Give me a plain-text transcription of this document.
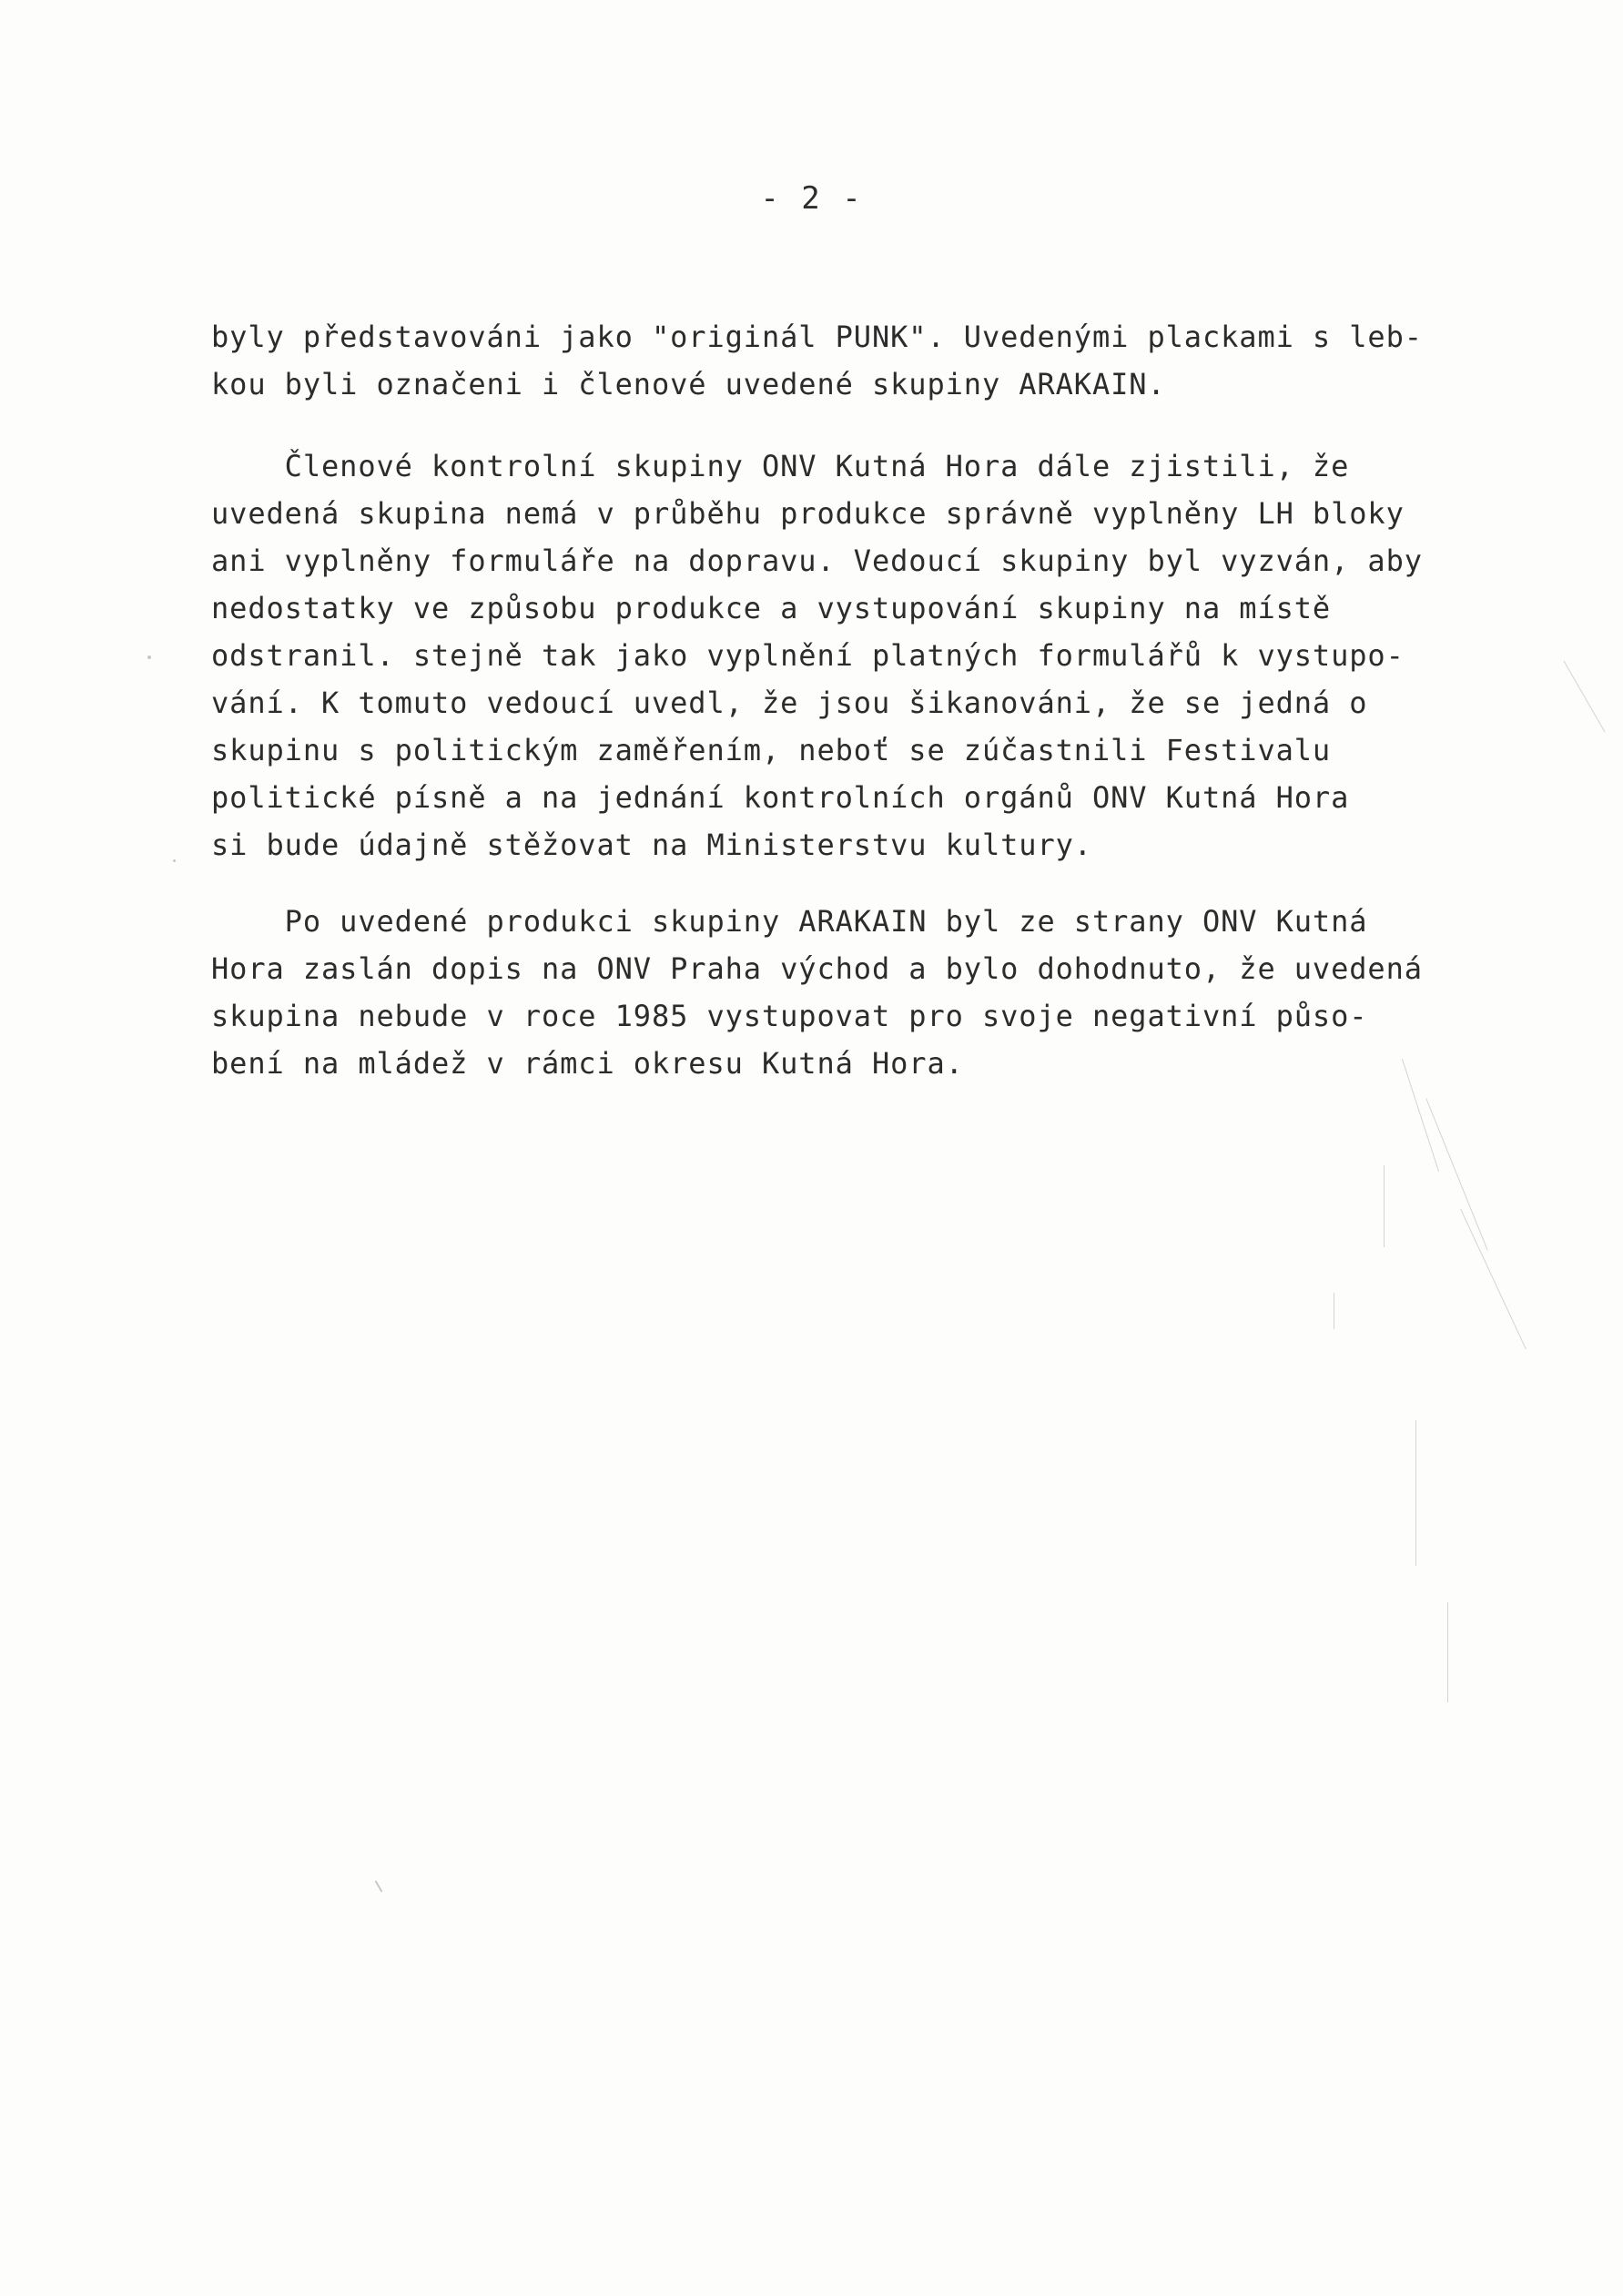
- 2 -
byly představováni jako "originál PUNK". Uvedenými plackami s leb-
kou byli označeni i členové uvedené skupiny ARAKAIN.
Členové kontrolní skupiny ONV Kutná Hora dále zjistili, že
uvedená skupina nemá v průběhu produkce správně vyplněny LH bloky
ani vyplněny formuláře na dopravu. Vedoucí skupiny byl vyzván, aby
nedostatky ve způsobu produkce a vystupování skupiny na místě
odstranil. stejně tak jako vyplnění platných formulářů k vystupo-
vání. K tomuto vedoucí uvedl, že jsou šikanováni, že se jedná o
skupinu s politickým zaměřením, neboť se zúčastnili Festivalu
politické písně a na jednání kontrolních orgánů ONV Kutná Hora
si bude údajně stěžovat na Ministerstvu kultury.
Po uvedené produkci skupiny ARAKAIN byl ze strany ONV Kutná
Hora zaslán dopis na ONV Praha východ a bylo dohodnuto, že uvedená
skupina nebude v roce 1985 vystupovat pro svoje negativní půso-
bení na mládež v rámci okresu Kutná Hora.
